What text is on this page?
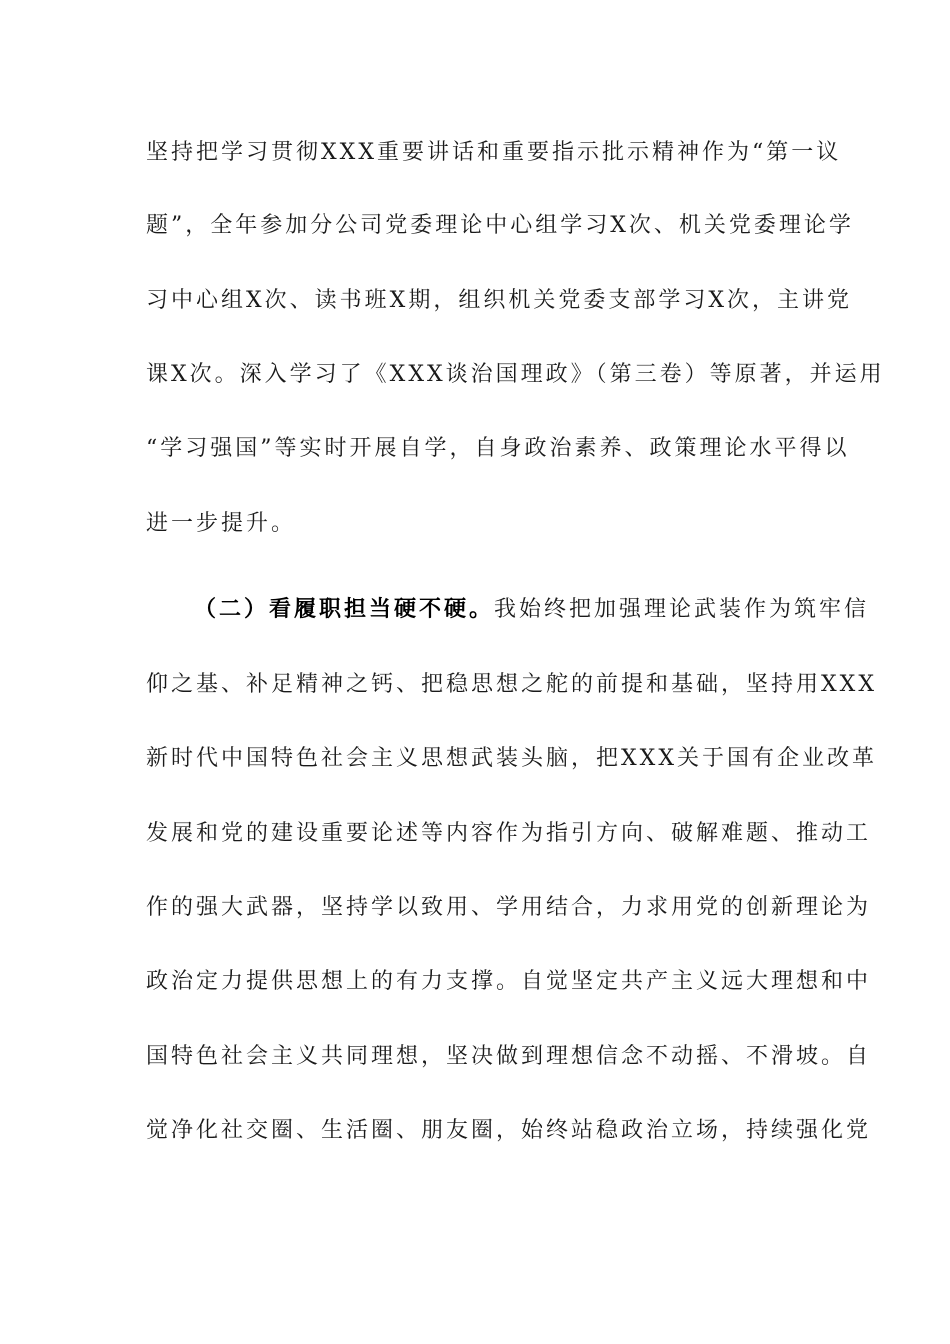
坚持把学习贯彻XXX重要讲话和重要指示批示精神作为“第一议
题”，全年参加分公司党委理论中心组学习X次、机关党委理论学
习中心组X次、读书班X期，组织机关党委支部学习X次，主讲党
课X次。深入学习了《XXX谈治国理政》（第三卷）等原著，并运用
“学习强国”等实时开展自学，自身政治素养、政策理论水平得以
进一步提升。
（二）看履职担当硬不硬。我始终把加强理论武装作为筑牢信
仰之基、补足精神之钙、把稳思想之舵的前提和基础，坚持用XXX
新时代中国特色社会主义思想武装头脑，把XXX关于国有企业改革
发展和党的建设重要论述等内容作为指引方向、破解难题、推动工
作的强大武器，坚持学以致用、学用结合，力求用党的创新理论为
政治定力提供思想上的有力支撑。自觉坚定共产主义远大理想和中
国特色社会主义共同理想，坚决做到理想信念不动摇、不滑坡。自
觉净化社交圈、生活圈、朋友圈，始终站稳政治立场，持续强化党
